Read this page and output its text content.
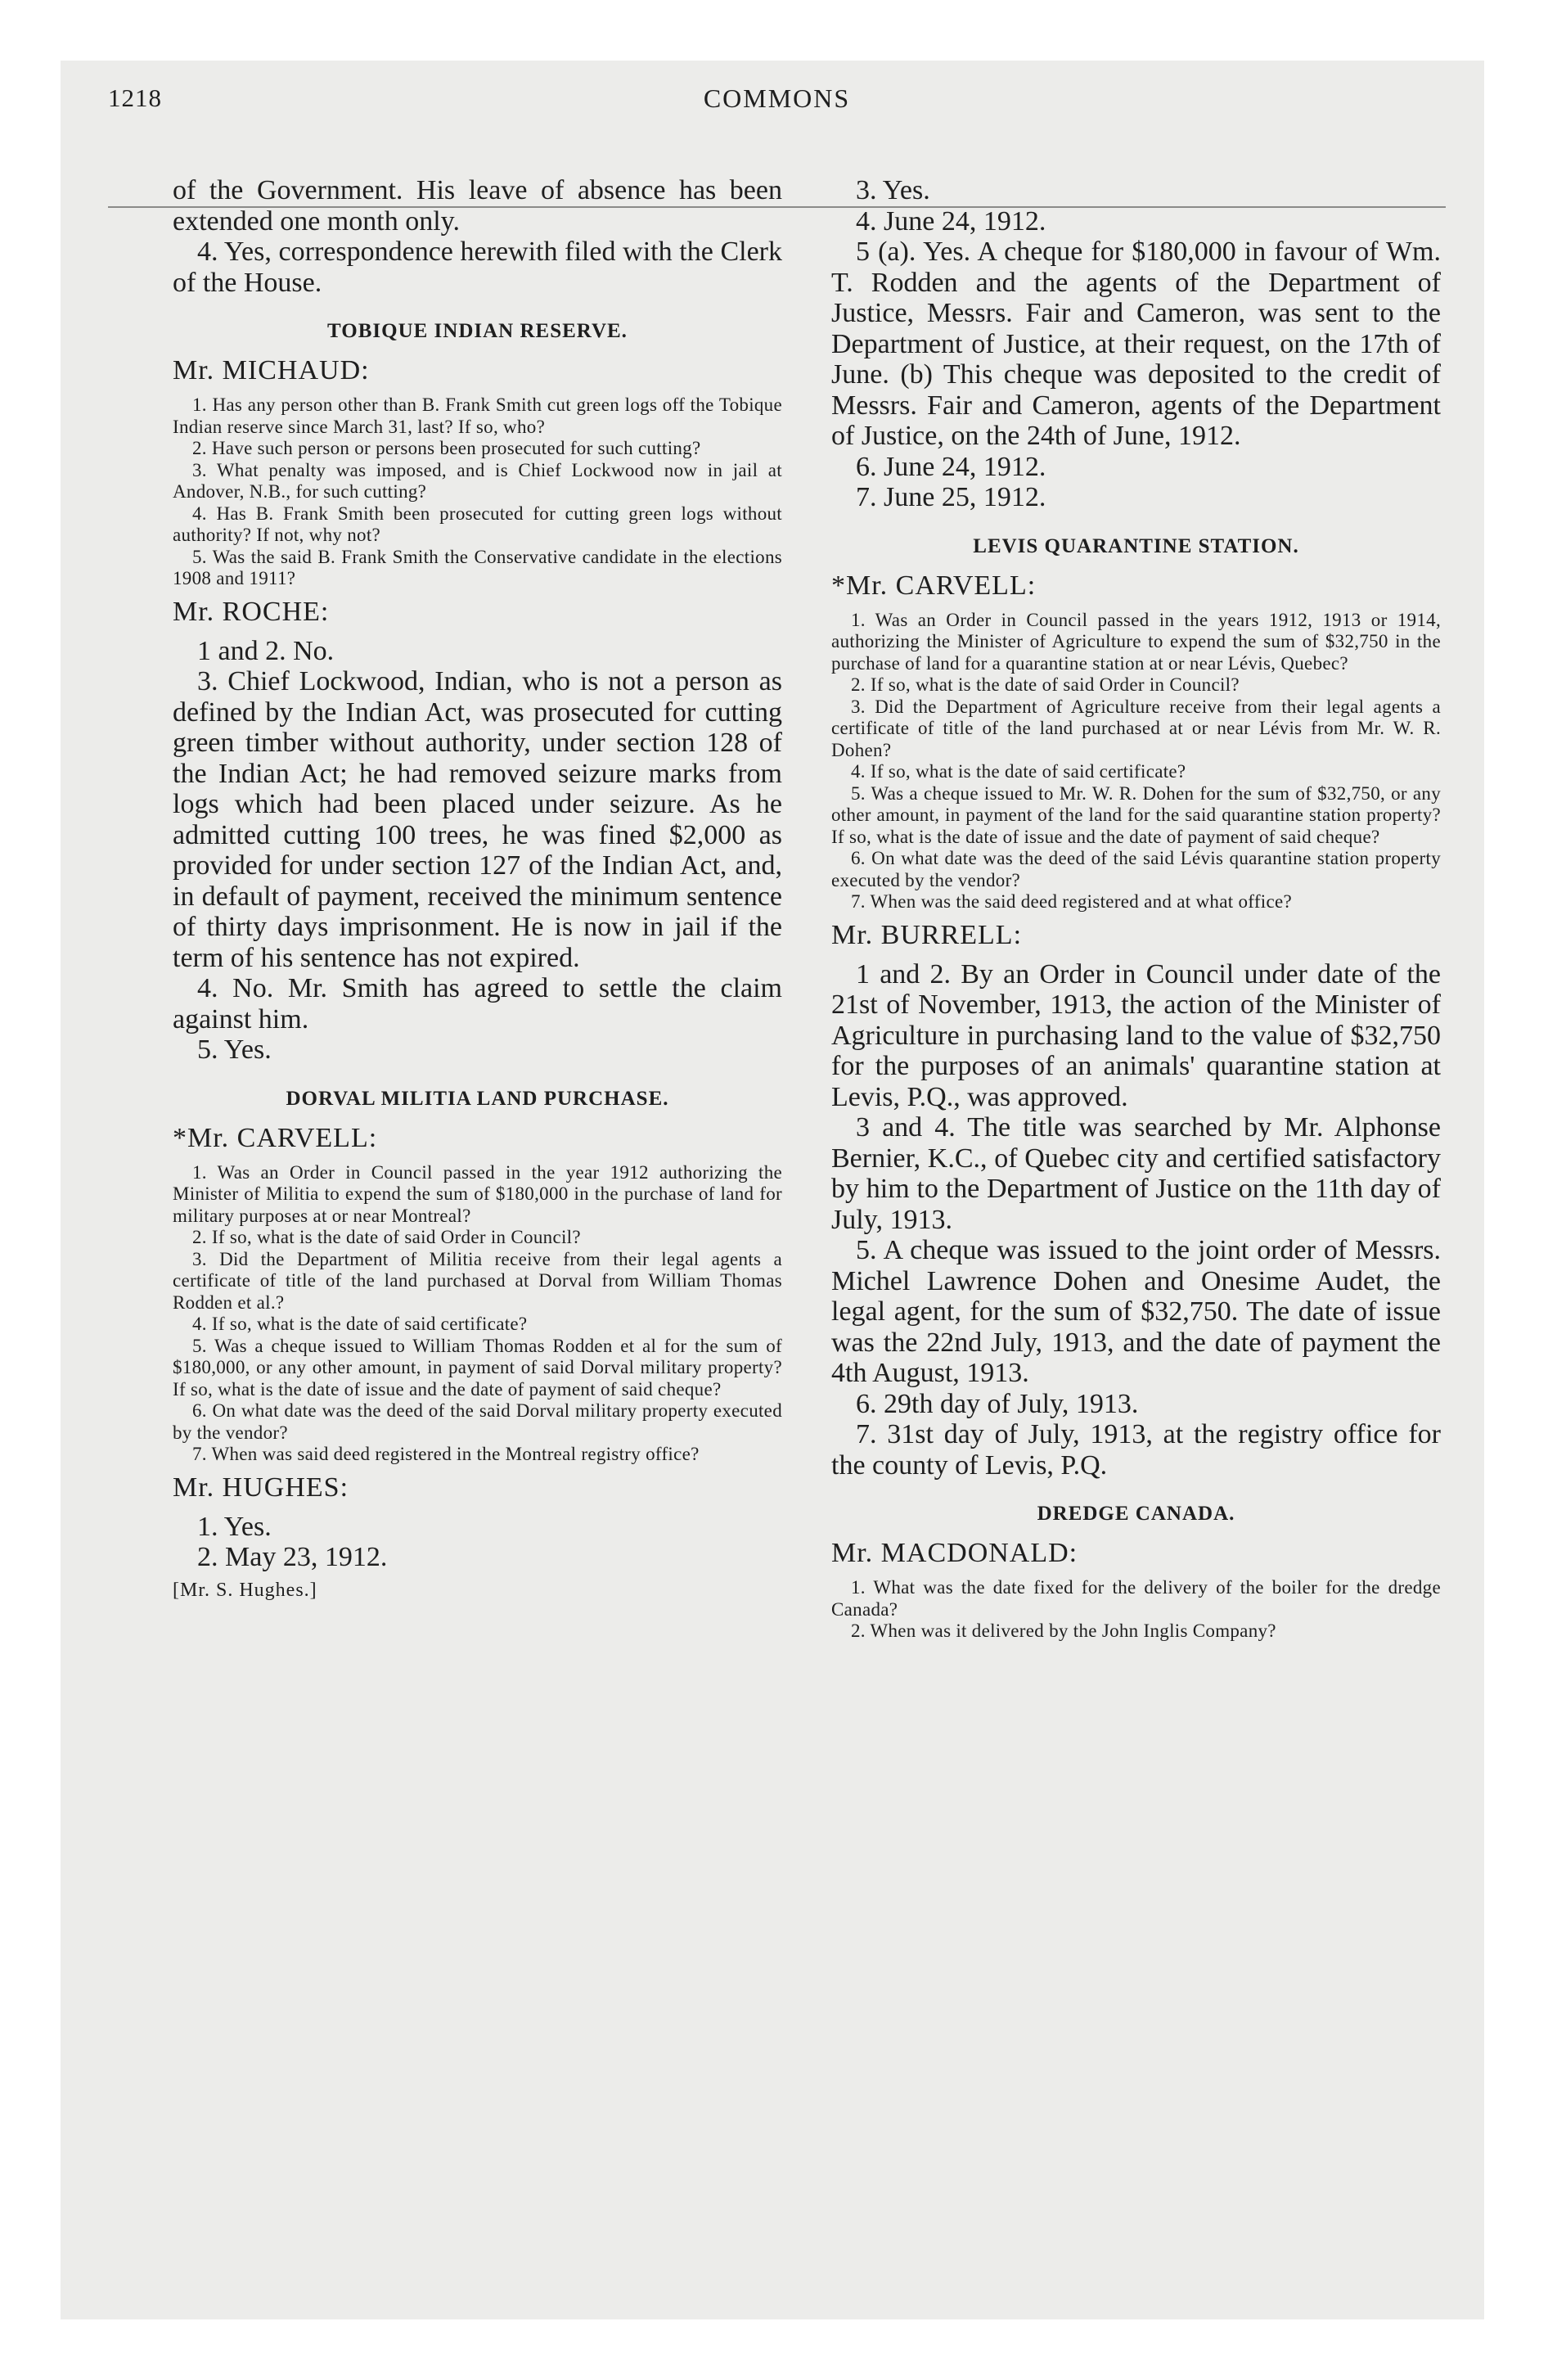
1218	COMMONS

of the Government. His leave of absence has been extended one month only.

4. Yes, correspondence herewith filed with the Clerk of the House.

TOBIQUE INDIAN RESERVE.

Mr. MICHAUD:

1. Has any person other than B. Frank Smith cut green logs off the Tobique Indian reserve since March 31, last? If so, who?

2. Have such person or persons been prosecuted for such cutting?

3. What penalty was imposed, and is Chief Lockwood now in jail at Andover, N.B., for such cutting?

4. Has B. Frank Smith been prosecuted for cutting green logs without authority? If not, why not?

5. Was the said B. Frank Smith the Conservative candidate in the elections 1908 and 1911?

Mr. ROCHE:

1 and 2. No.

3. Chief Lockwood, Indian, who is not a person as defined by the Indian Act, was prosecuted for cutting green timber without authority, under section 128 of the Indian Act; he had removed seizure marks from logs which had been placed under seizure. As he admitted cutting 100 trees, he was fined $2,000 as provided for under section 127 of the Indian Act, and, in default of payment, received the minimum sentence of thirty days imprisonment. He is now in jail if the term of his sentence has not expired.

4. No. Mr. Smith has agreed to settle the claim against him.

5. Yes.

DORVAL MILITIA LAND PURCHASE.

*Mr. CARVELL:

1. Was an Order in Council passed in the year 1912 authorizing the Minister of Militia to expend the sum of $180,000 in the purchase of land for military purposes at or near Montreal?

2. If so, what is the date of said Order in Council?

3. Did the Department of Militia receive from their legal agents a certificate of title of the land purchased at Dorval from William Thomas Rodden et al.?

4. If so, what is the date of said certificate?

5. Was a cheque issued to William Thomas Rodden et al for the sum of $180,000, or any other amount, in payment of said Dorval military property? If so, what is the date of issue and the date of payment of said cheque?

6. On what date was the deed of the said Dorval military property executed by the vendor?

7. When was said deed registered in the Montreal registry office?

Mr. HUGHES:

1. Yes.

2. May 23, 1912.

[Mr. S. Hughes.]

3. Yes.

4. June 24, 1912.

5 (a). Yes. A cheque for $180,000 in favour of Wm. T. Rodden and the agents of the Department of Justice, Messrs. Fair and Cameron, was sent to the Department of Justice, at their request, on the 17th of June. (b) This cheque was deposited to the credit of Messrs. Fair and Cameron, agents of the Department of Justice, on the 24th of June, 1912.

6. June 24, 1912.

7. June 25, 1912.

LEVIS QUARANTINE STATION.

*Mr. CARVELL:

1. Was an Order in Council passed in the years 1912, 1913 or 1914, authorizing the Minister of Agriculture to expend the sum of $32,750 in the purchase of land for a quarantine station at or near Lévis, Quebec?

2. If so, what is the date of said Order in Council?

3. Did the Department of Agriculture receive from their legal agents a certificate of title of the land purchased at or near Lévis from Mr. W. R. Dohen?

4. If so, what is the date of said certificate?

5. Was a cheque issued to Mr. W. R. Dohen for the sum of $32,750, or any other amount, in payment of the land for the said quarantine station property? If so, what is the date of issue and the date of payment of said cheque?

6. On what date was the deed of the said Lévis quarantine station property executed by the vendor?

7. When was the said deed registered and at what office?

Mr. BURRELL:

1 and 2. By an Order in Council under date of the 21st of November, 1913, the action of the Minister of Agriculture in purchasing land to the value of $32,750 for the purposes of an animals' quarantine station at Levis, P.Q., was approved.

3 and 4. The title was searched by Mr. Alphonse Bernier, K.C., of Quebec city and certified satisfactory by him to the Department of Justice on the 11th day of July, 1913.

5. A cheque was issued to the joint order of Messrs. Michel Lawrence Dohen and Onesime Audet, the legal agent, for the sum of $32,750. The date of issue was the 22nd July, 1913, and the date of payment the 4th August, 1913.

6. 29th day of July, 1913.

7. 31st day of July, 1913, at the registry office for the county of Levis, P.Q.

DREDGE CANADA.

Mr. MACDONALD:

1. What was the date fixed for the delivery of the boiler for the dredge Canada?

2. When was it delivered by the John Inglis Company?
